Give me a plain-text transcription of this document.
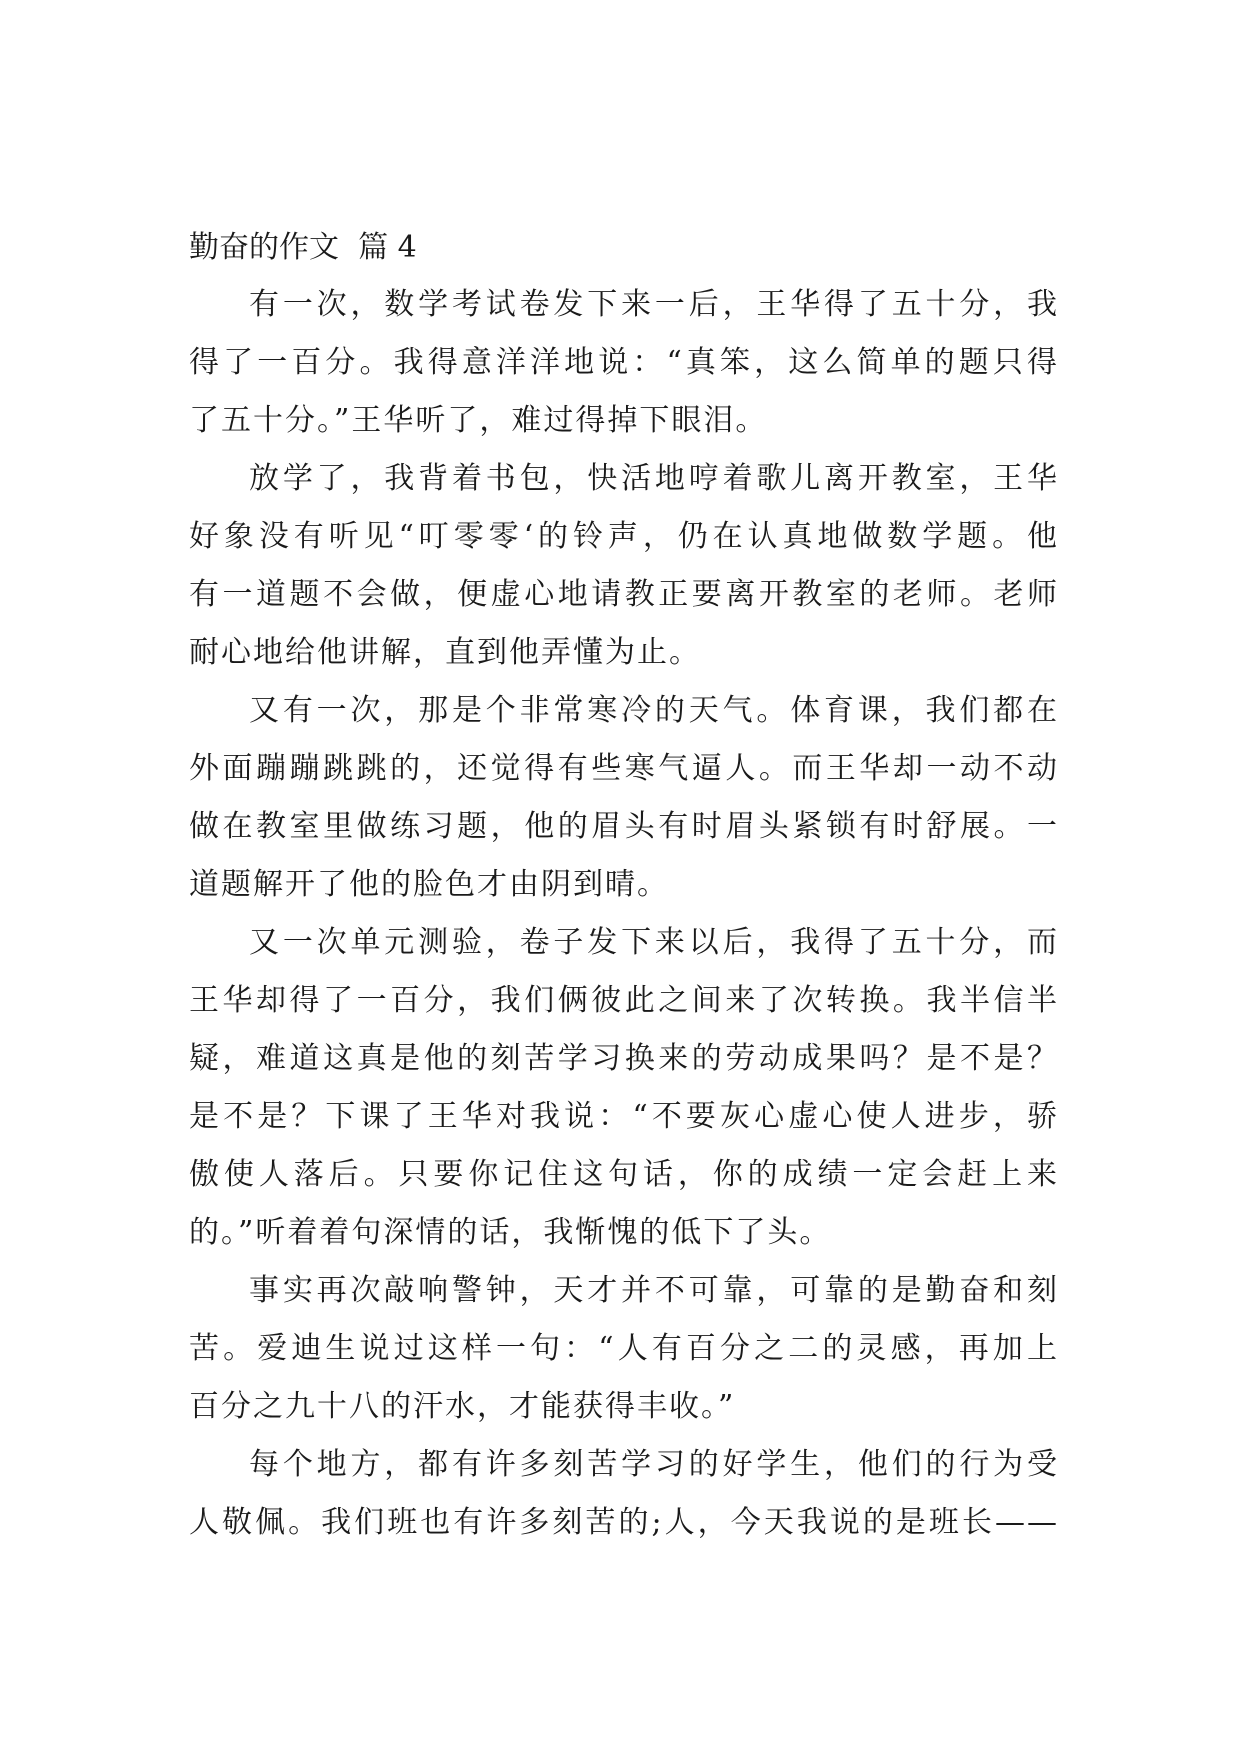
勤奋的作文  篇 4

有一次，数学考试卷发下来一后，王华得了五十分，我
得了一百分。我得意洋洋地说：“真笨，这么简单的题只得
了五十分。”王华听了，难过得掉下眼泪。

放学了，我背着书包，快活地哼着歌儿离开教室，王华
好象没有听见“叮零零‘的铃声，仍在认真地做数学题。他
有一道题不会做，便虚心地请教正要离开教室的老师。老师
耐心地给他讲解，直到他弄懂为止。

又有一次，那是个非常寒冷的天气。体育课，我们都在
外面蹦蹦跳跳的，还觉得有些寒气逼人。而王华却一动不动
做在教室里做练习题，他的眉头有时眉头紧锁有时舒展。一
道题解开了他的脸色才由阴到晴。

又一次单元测验，卷子发下来以后，我得了五十分，而
王华却得了一百分，我们俩彼此之间来了次转换。我半信半
疑，难道这真是他的刻苦学习换来的劳动成果吗？是不是？
是不是？下课了王华对我说：“不要灰心虚心使人进步，骄
傲使人落后。只要你记住这句话，你的成绩一定会赶上来
的。”听着着句深情的话，我惭愧的低下了头。

事实再次敲响警钟，天才并不可靠，可靠的是勤奋和刻
苦。爱迪生说过这样一句：“人有百分之二的灵感，再加上
百分之九十八的汗水，才能获得丰收。”

每个地方，都有许多刻苦学习的好学生，他们的行为受
人敬佩。我们班也有许多刻苦的;人，今天我说的是班长——
